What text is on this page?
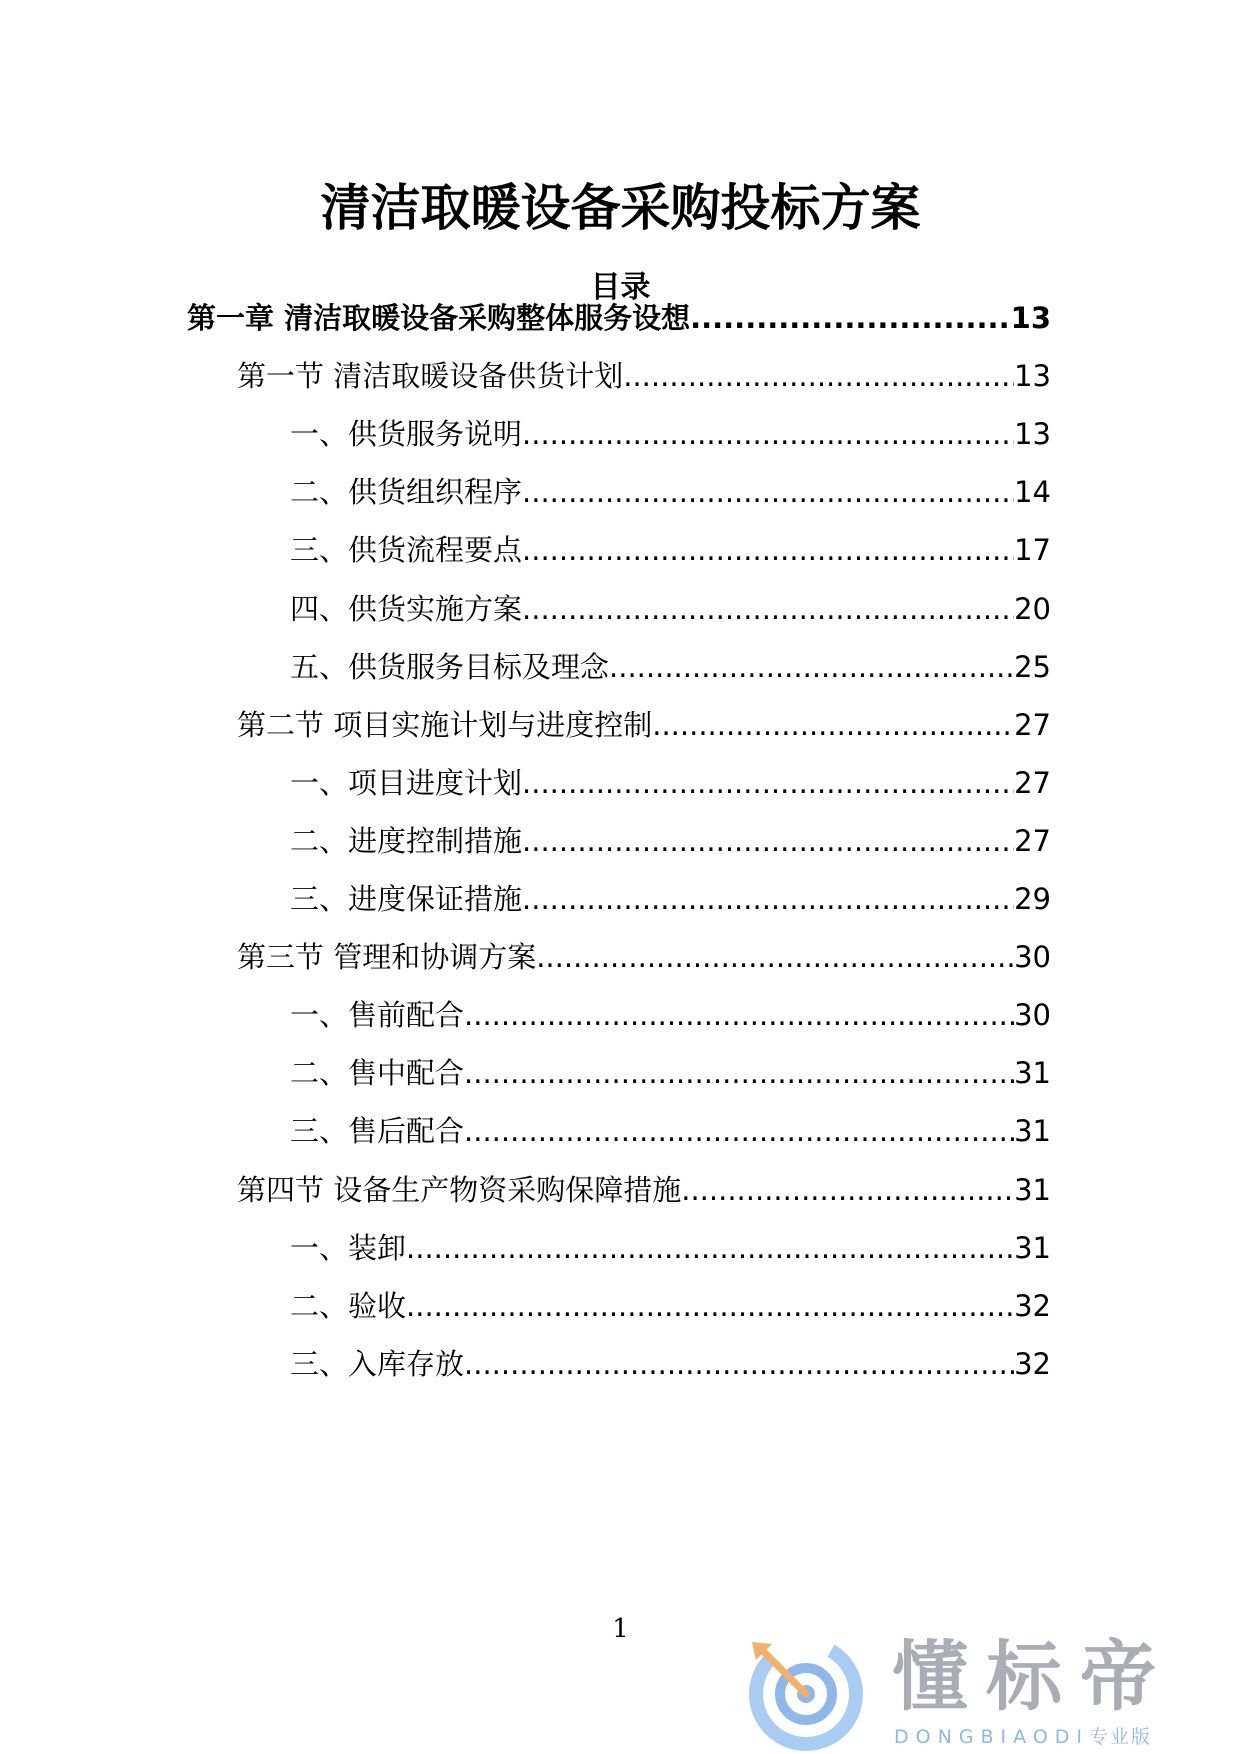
清洁取暖设备采购投标方案
目录
第一章 清洁取暖设备采购整体服务设想 .....	13
第一节 清洁取暖设备供货计划 .....	13
一、供货服务说明 .....	13
二、供货组织程序 .....	14
三、供货流程要点 .....	17
四、供货实施方案 .....	20
五、供货服务目标及理念 .....	25
第二节 项目实施计划与进度控制 .....	27
一、项目进度计划 .....	27
二、进度控制措施 .....	27
三、进度保证措施 .....	29
第三节 管理和协调方案 .....	30
一、售前配合 .....	30
二、售中配合 .....	31
三、售后配合 .....	31
第四节 设备生产物资采购保障措施 .....	31
一、装卸 .....	31
二、验收 .....	32
三、入库存放 .....	32
1
懂标帝
DONGBIAODI专业版
